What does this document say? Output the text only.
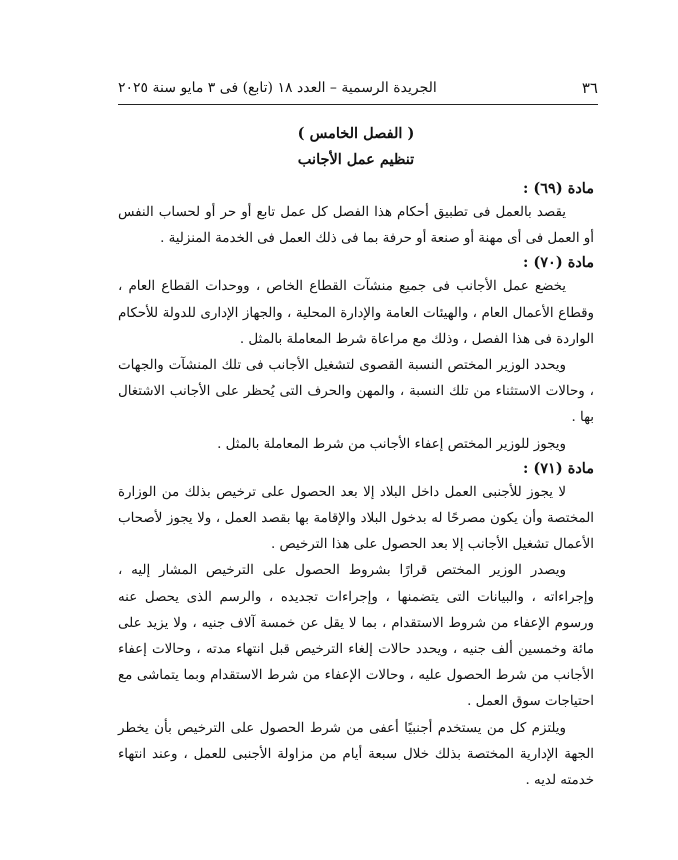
٣٦
الجريدة الرسمية – العدد ١٨ (تابع) فى ٣ مايو سنة ٢٠٢٥
( الفصل الخامس )
تنظيم عمل الأجانب
مادة (٦٩) :

يقصد بالعمل فى تطبيق أحكام هذا الفصل كل عمل تابع أو حر أو لحساب النفس أو العمل فى أى مهنة أو صنعة أو حرفة بما فى ذلك العمل فى الخدمة المنزلية .

مادة (٧٠) :

يخضع عمل الأجانب فى جميع منشآت القطاع الخاص ، ووحدات القطاع العام ، وقطاع الأعمال العام ، والهيئات العامة والإدارة المحلية ، والجهاز الإدارى للدولة للأحكام الواردة فى هذا الفصل ، وذلك مع مراعاة شرط المعاملة بالمثل .

ويحدد الوزير المختص النسبة القصوى لتشغيل الأجانب فى تلك المنشآت والجهات ، وحالات الاستثناء من تلك النسبة ، والمهن والحرف التى يُحظر على الأجانب الاشتغال بها .

ويجوز للوزير المختص إعفاء الأجانب من شرط المعاملة بالمثل .

مادة (٧١) :

لا يجوز للأجنبى العمل داخل البلاد إلا بعد الحصول على ترخيص بذلك من الوزارة المختصة وأن يكون مصرحًا له بدخول البلاد والإقامة بها بقصد العمل ، ولا يجوز لأصحاب الأعمال تشغيل الأجانب إلا بعد الحصول على هذا الترخيص .

ويصدر الوزير المختص قرارًا بشروط الحصول على الترخيص المشار إليه ، وإجراءاته ، والبيانات التى يتضمنها ، وإجراءات تجديده ، والرسم الذى يحصل عنه ورسوم الإعفاء من شروط الاستقدام ، بما لا يقل عن خمسة آلاف جنيه ، ولا يزيد على مائة وخمسين ألف جنيه ، ويحدد حالات إلغاء الترخيص قبل انتهاء مدته ، وحالات إعفاء الأجانب من شرط الحصول عليه ، وحالات الإعفاء من شرط الاستقدام وبما يتماشى مع احتياجات سوق العمل .

ويلتزم كل من يستخدم أجنبيًا أعفى من شرط الحصول على الترخيص بأن يخطر الجهة الإدارية المختصة بذلك خلال سبعة أيام من مزاولة الأجنبى للعمل ، وعند انتهاء خدمته لديه .
